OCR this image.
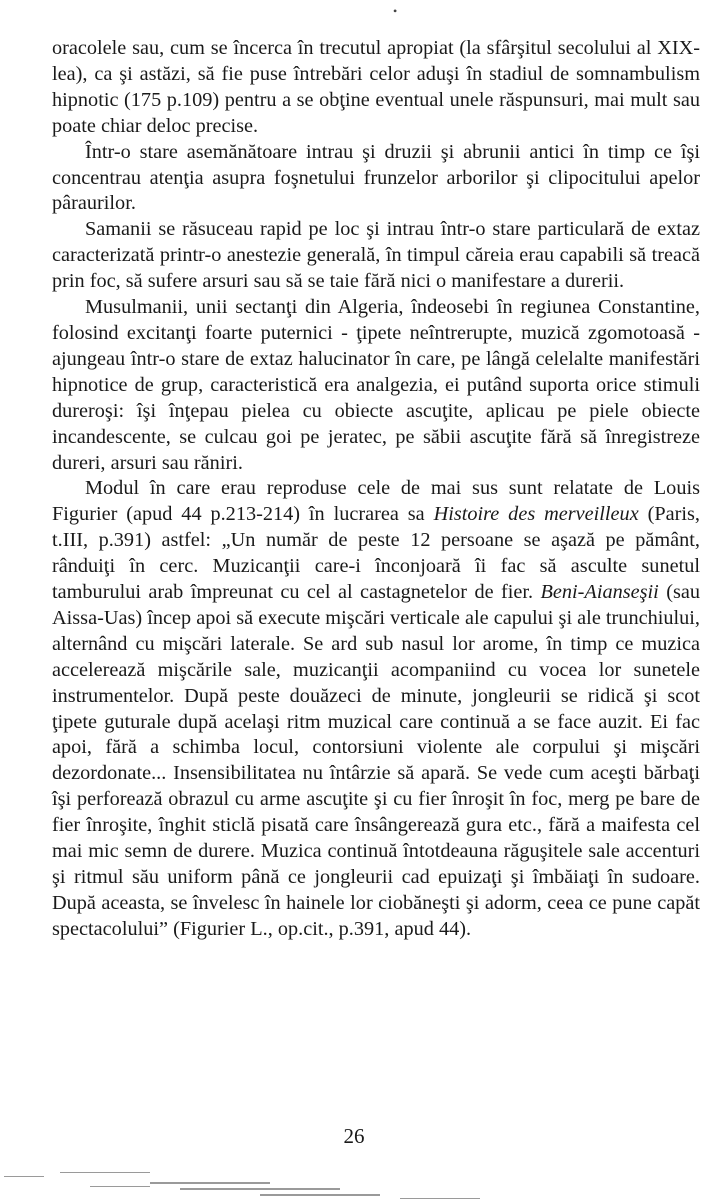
•

oracolele sau, cum se încerca în trecutul apropiat (la sfârşitul secolului al XIX-lea), ca şi astăzi, să fie puse întrebări celor aduşi în stadiul de somnambulism hipnotic (175 p.109) pentru a se obţine eventual unele răspunsuri, mai mult sau poate chiar deloc precise.

Într-o stare asemănătoare intrau şi druzii şi abrunii antici în timp ce îşi concentrau atenţia asupra foşnetului frunzelor arborilor şi clipocitului apelor pâraurilor.

Samanii se răsuceau rapid pe loc şi intrau într-o stare particulară de extaz caracterizată printr-o anestezie generală, în timpul căreia erau capabili să treacă prin foc, să sufere arsuri sau să se taie fără nici o manifestare a durerii.

Musulmanii, unii sectanţi din Algeria, îndeosebi în regiunea Constantine, folosind excitanţi foarte puternici - ţipete neîntrerupte, muzică zgomotoasă - ajungeau într-o stare de extaz halucinator în care, pe lângă celelalte manifestări hipnotice de grup, caracteristică era analgezia, ei putând suporta orice stimuli dureroşi: îşi înţepau pielea cu obiecte ascuţite, aplicau pe piele obiecte incandescente, se culcau goi pe jeratec, pe săbii ascuţite fără să înregistreze dureri, arsuri sau răniri.

Modul în care erau reproduse cele de mai sus sunt relatate de Louis Figurier (apud 44 p.213-214) în lucrarea sa Histoire des merveilleux (Paris, t.III, p.391) astfel: „Un număr de peste 12 persoane se aşază pe pământ, rânduiţi în cerc. Muzicanţii care-i înconjoară îi fac să asculte sunetul tamburului arab împreunat cu cel al castagnetelor de fier. Beni-Aianseşii (sau Aissa-Uas) încep apoi să execute mişcări verticale ale capului şi ale trunchiului, alternând cu mişcări laterale. Se ard sub nasul lor arome, în timp ce muzica accelerează mişcările sale, muzicanţii acompaniind cu vocea lor sunetele instrumentelor. După peste douăzeci de minute, jongleurii se ridică şi scot ţipete guturale după acelaşi ritm muzical care continuă a se face auzit. Ei fac apoi, fără a schimba locul, contorsiuni violente ale corpului şi mişcări dezordonate... Insensibilitatea nu întârzie să apară. Se vede cum aceşti bărbaţi îşi perforează obrazul cu arme ascuţite şi cu fier înroşit în foc, merg pe bare de fier înroşite, înghit sticlă pisată care însângerează gura etc., fără a maifesta cel mai mic semn de durere. Muzica continuă întotdeauna răguşitele sale accenturi şi ritmul său uniform până ce jongleurii cad epuizaţi şi îmbăiaţi în sudoare. După aceasta, se învelesc în hainele lor ciobăneşti şi adorm, ceea ce pune capăt spectacolului” (Figurier L., op.cit., p.391, apud 44).

26
